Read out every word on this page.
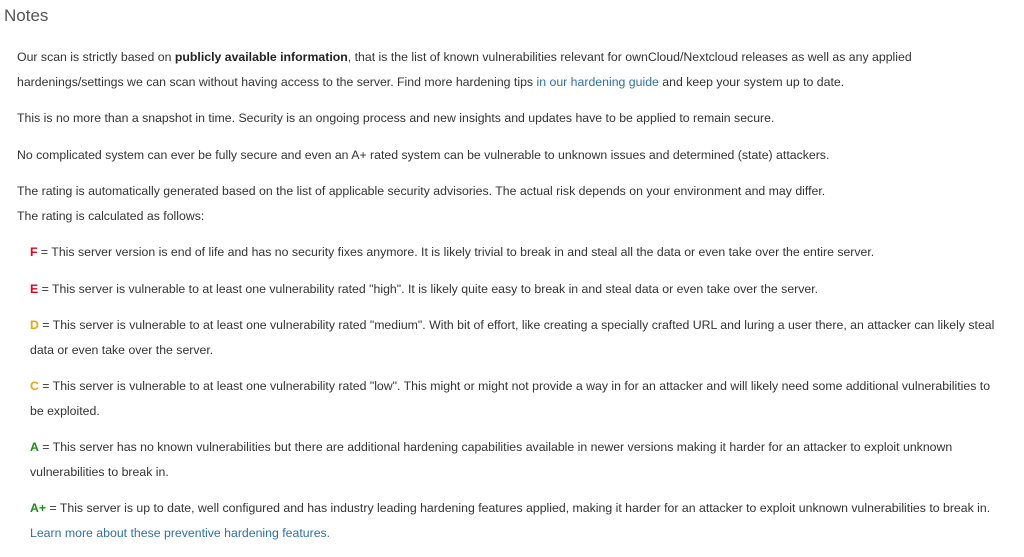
Notes

Our scan is strictly based on publicly available information, that is the list of known vulnerabilities relevant for ownCloud/Nextcloud releases as well as any applied hardenings/settings we can scan without having access to the server. Find more hardening tips in our hardening guide and keep your system up to date.

This is no more than a snapshot in time. Security is an ongoing process and new insights and updates have to be applied to remain secure.

No complicated system can ever be fully secure and even an A+ rated system can be vulnerable to unknown issues and determined (state) attackers.

The rating is automatically generated based on the list of applicable security advisories. The actual risk depends on your environment and may differ.

The rating is calculated as follows:

F = This server version is end of life and has no security fixes anymore. It is likely trivial to break in and steal all the data or even take over the entire server.
E = This server is vulnerable to at least one vulnerability rated "high". It is likely quite easy to break in and steal data or even take over the server.
D = This server is vulnerable to at least one vulnerability rated "medium". With bit of effort, like creating a specially crafted URL and luring a user there, an attacker can likely steal data or even take over the server.
C = This server is vulnerable to at least one vulnerability rated "low". This might or might not provide a way in for an attacker and will likely need some additional vulnerabilities to be exploited.
A = This server has no known vulnerabilities but there are additional hardening capabilities available in newer versions making it harder for an attacker to exploit unknown vulnerabilities to break in.
A+ = This server is up to date, well configured and has industry leading hardening features applied, making it harder for an attacker to exploit unknown vulnerabilities to break in. Learn more about these preventive hardening features.
